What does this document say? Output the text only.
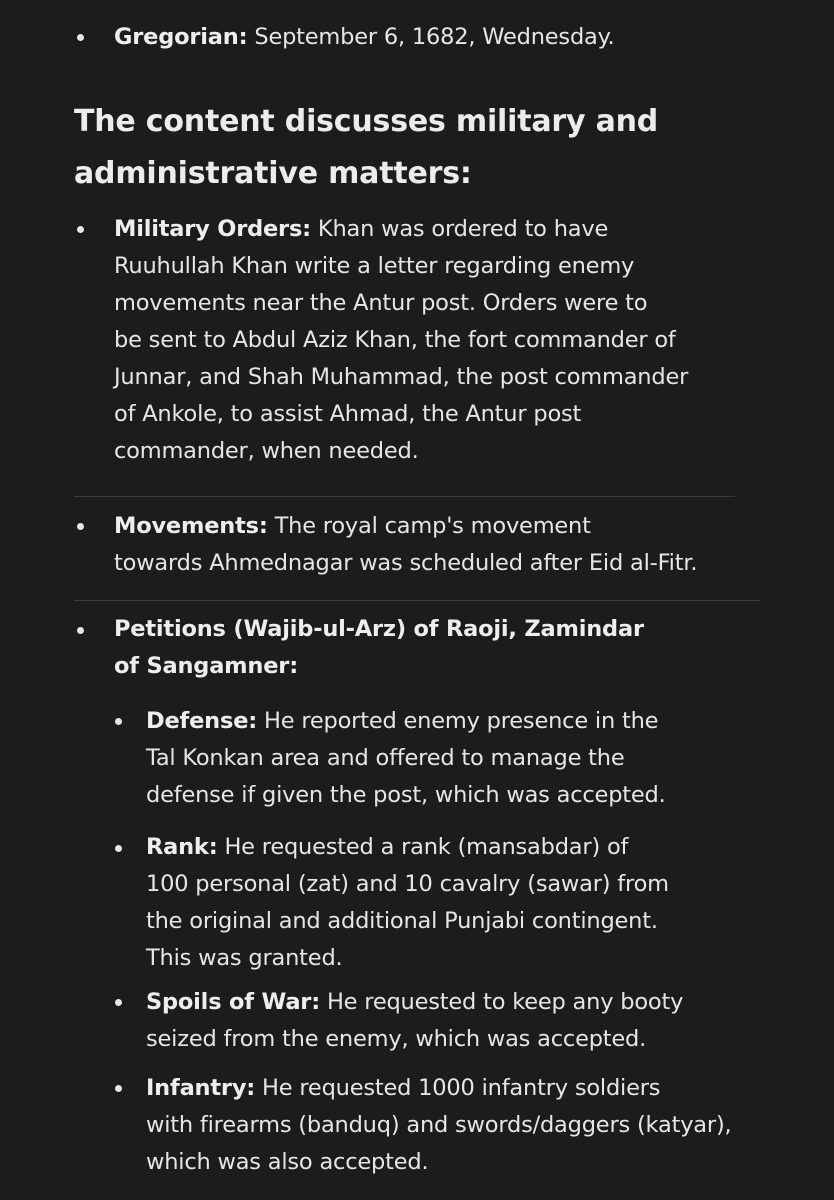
Gregorian: September 6, 1682, Wednesday.
The content discusses military and
administrative matters:
Military Orders: Khan was ordered to have
Ruuhullah Khan write a letter regarding enemy
movements near the Antur post. Orders were to
be sent to Abdul Aziz Khan, the fort commander of
Junnar, and Shah Muhammad, the post commander
of Ankole, to assist Ahmad, the Antur post
commander, when needed.
Movements: The royal camp's movement
towards Ahmednagar was scheduled after Eid al-Fitr.
Petitions (Wajib-ul-Arz) of Raoji, Zamindar
of Sangamner:
Defense: He reported enemy presence in the
Tal Konkan area and offered to manage the
defense if given the post, which was accepted.
Rank: He requested a rank (mansabdar) of
100 personal (zat) and 10 cavalry (sawar) from
the original and additional Punjabi contingent.
This was granted.
Spoils of War: He requested to keep any booty
seized from the enemy, which was accepted.
Infantry: He requested 1000 infantry soldiers
with firearms (banduq) and swords/daggers (katyar),
which was also accepted.
